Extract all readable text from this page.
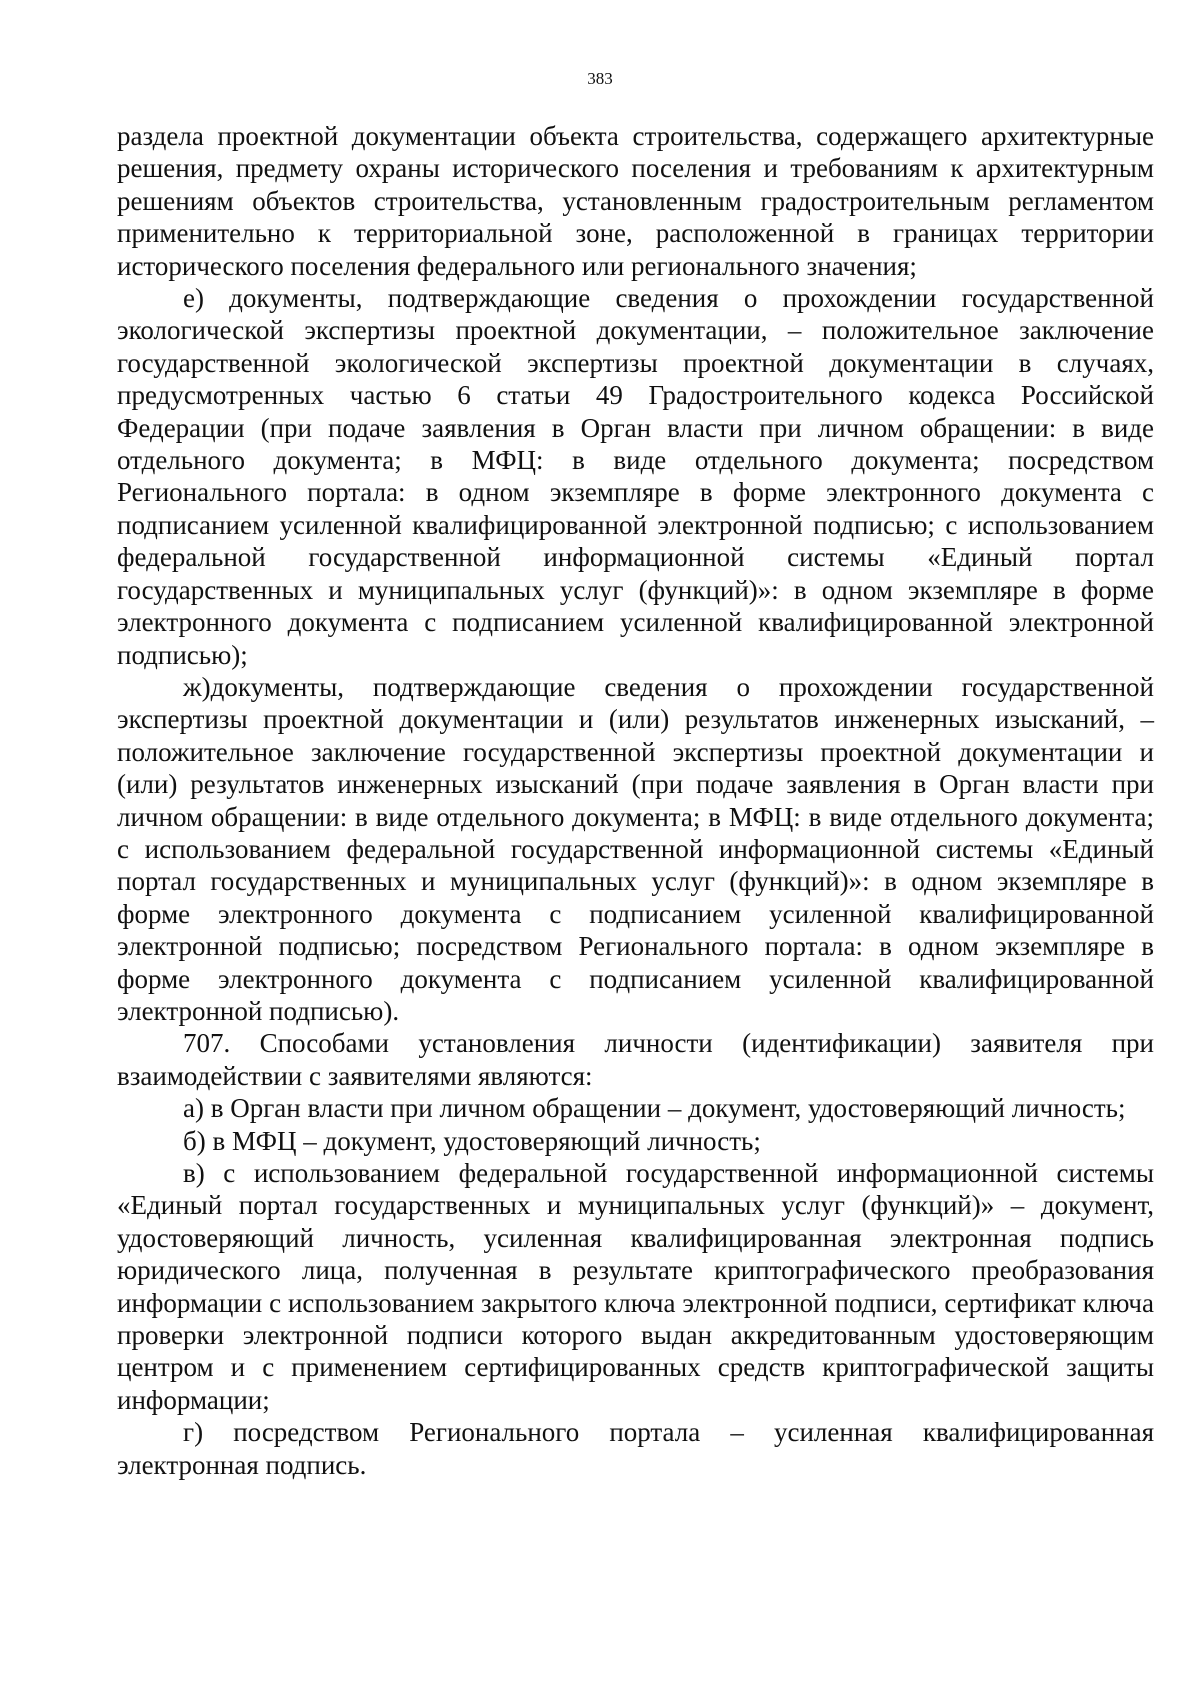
383

раздела проектной документации объекта строительства, содержащего архитектурные решения, предмету охраны исторического поселения и требованиям к архитектурным решениям объектов строительства, установленным градостроительным регламентом применительно к территориальной зоне, расположенной в границах территории исторического поселения федерального или регионального значения;

е) документы, подтверждающие сведения о прохождении государственной экологической экспертизы проектной документации, – положительное заключение государственной экологической экспертизы проектной документации в случаях, предусмотренных частью 6 статьи 49 Градостроительного кодекса Российской Федерации (при подаче заявления в Орган власти при личном обращении: в виде отдельного документа; в МФЦ: в виде отдельного документа; посредством Регионального портала: в одном экземпляре в форме электронного документа с подписанием усиленной квалифицированной электронной подписью; с использованием федеральной государственной информационной системы «Единый портал государственных и муниципальных услуг (функций)»: в одном экземпляре в форме электронного документа с подписанием усиленной квалифицированной электронной подписью);

ж)документы, подтверждающие сведения о прохождении государственной экспертизы проектной документации и (или) результатов инженерных изысканий, – положительное заключение государственной экспертизы проектной документации и (или) результатов инженерных изысканий (при подаче заявления в Орган власти при личном обращении: в виде отдельного документа; в МФЦ: в виде отдельного документа; с использованием федеральной государственной информационной системы «Единый портал государственных и муниципальных услуг (функций)»: в одном экземпляре в форме электронного документа с подписанием усиленной квалифицированной электронной подписью; посредством Регионального портала: в одном экземпляре в форме электронного документа с подписанием усиленной квалифицированной электронной подписью).

707. Способами установления личности (идентификации) заявителя при взаимодействии с заявителями являются:

а) в Орган власти при личном обращении – документ, удостоверяющий личность;

б) в МФЦ – документ, удостоверяющий личность;

в) с использованием федеральной государственной информационной системы «Единый портал государственных и муниципальных услуг (функций)» – документ, удостоверяющий личность, усиленная квалифицированная электронная подпись юридического лица, полученная в результате криптографического преобразования информации с использованием закрытого ключа электронной подписи, сертификат ключа проверки электронной подписи которого выдан аккредитованным удостоверяющим центром и с применением сертифицированных средств криптографической защиты информации;

г) посредством Регионального портала – усиленная квалифицированная электронная подпись.
